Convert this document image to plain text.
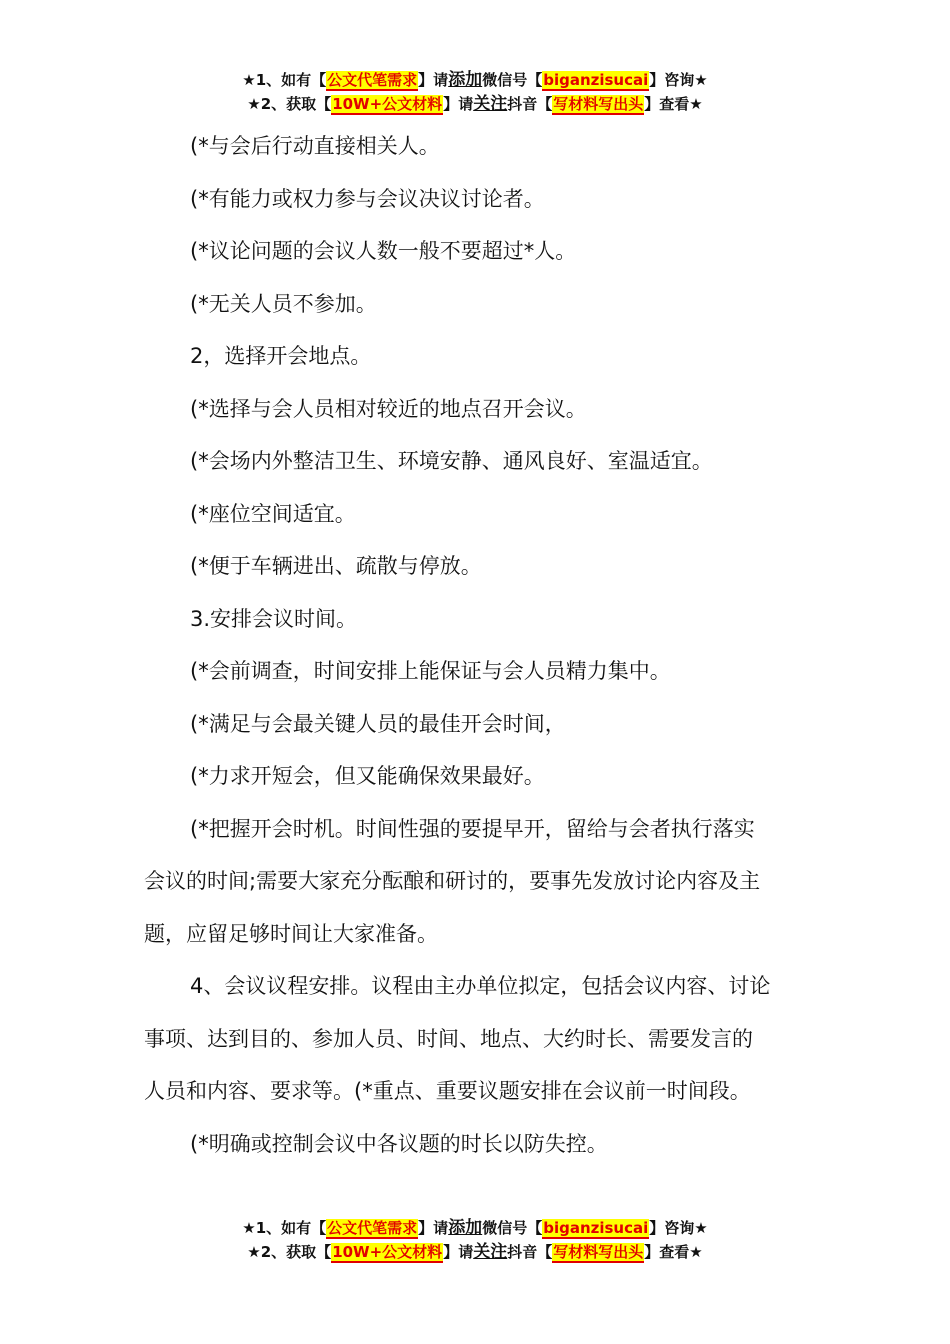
★1、如有【公文代笔需求】请添加微信号【biganzisucai】咨询★
★2、获取【10W+公文材料】请关注抖音【写材料写出头】查看★

(*与会后行动直接相关人。

(*有能力或权力参与会议决议讨论者。

(*议论问题的会议人数一般不要超过*人。

(*无关人员不参加。

2，选择开会地点。

(*选择与会人员相对较近的地点召开会议。

(*会场内外整洁卫生、环境安静、通风良好、室温适宜。

(*座位空间适宜。

(*便于车辆进出、疏散与停放。

3.安排会议时间。

(*会前调查，时间安排上能保证与会人员精力集中。

(*满足与会最关键人员的最佳开会时间，

(*力求开短会，但又能确保效果最好。

(*把握开会时机。时间性强的要提早开，留给与会者执行落实

会议的时间;需要大家充分酝酿和研讨的，要事先发放讨论内容及主

题，应留足够时间让大家准备。

4、会议议程安排。议程由主办单位拟定，包括会议内容、讨论

事项、达到目的、参加人员、时间、地点、大约时长、需要发言的

人员和内容、要求等。(*重点、重要议题安排在会议前一时间段。

(*明确或控制会议中各议题的时长以防失控。

★1、如有【公文代笔需求】请添加微信号【biganzisucai】咨询★
★2、获取【10W+公文材料】请关注抖音【写材料写出头】查看★
